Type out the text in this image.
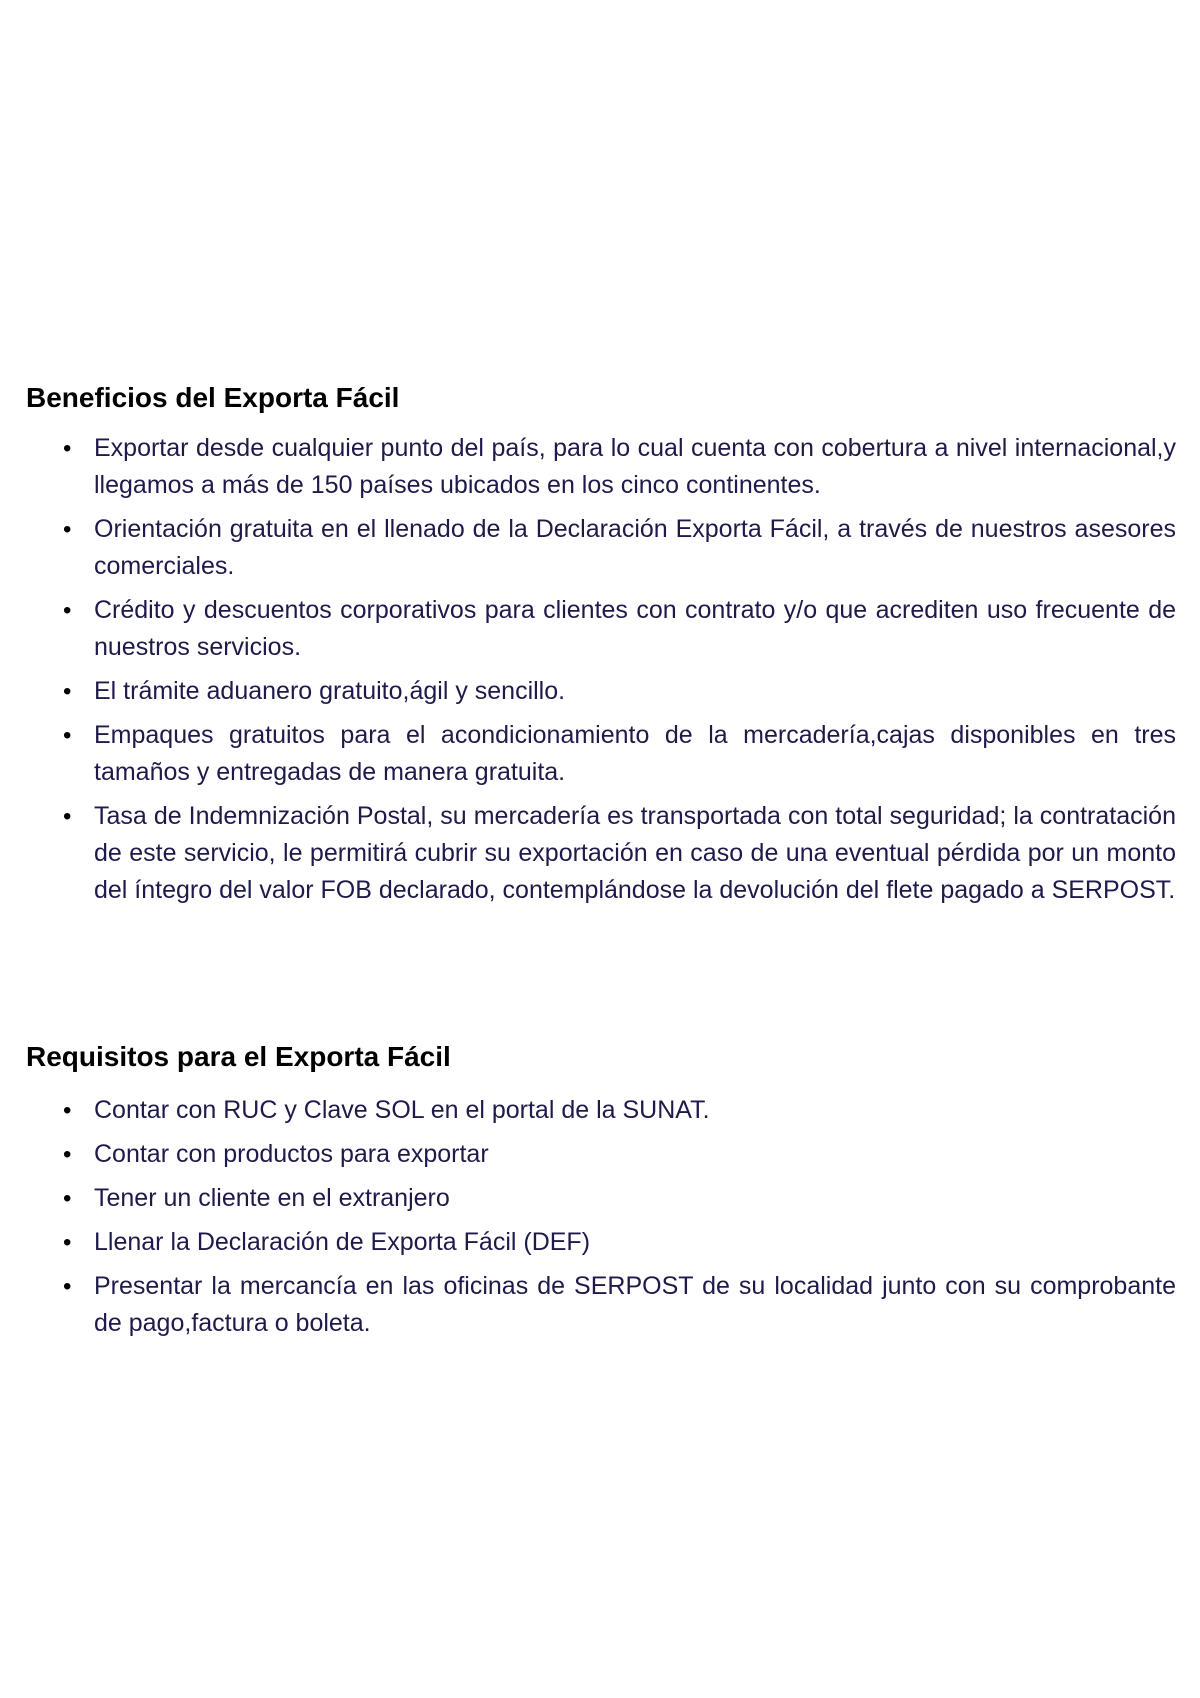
Beneficios del Exporta Fácil
• Exportar desde cualquier punto del país, para lo cual cuenta con cobertura a nivel internacional,y llegamos a más de 150 países ubicados en los cinco continentes.
• Orientación gratuita en el llenado de la Declaración Exporta Fácil, a través de nuestros asesores comerciales.
• Crédito y descuentos corporativos para clientes con contrato y/o que acrediten uso frecuente de nuestros servicios.
• El trámite aduanero gratuito,ágil y sencillo.
• Empaques gratuitos para el acondicionamiento de la mercadería,cajas disponibles en tres tamaños y entregadas de manera gratuita.
• Tasa de Indemnización Postal, su mercadería es transportada con total seguridad; la contratación de este servicio, le permitirá cubrir su exportación en caso de una eventual pérdida por un monto del íntegro del valor FOB declarado, contemplándose la devolución del flete pagado a SERPOST.
Requisitos para el Exporta Fácil
• Contar con RUC y Clave SOL en el portal de la SUNAT.
• Contar con productos para exportar
• Tener un cliente en el extranjero
• Llenar la Declaración de Exporta Fácil (DEF)
• Presentar la mercancía en las oficinas de SERPOST de su localidad junto con su comprobante de pago,factura o boleta.
